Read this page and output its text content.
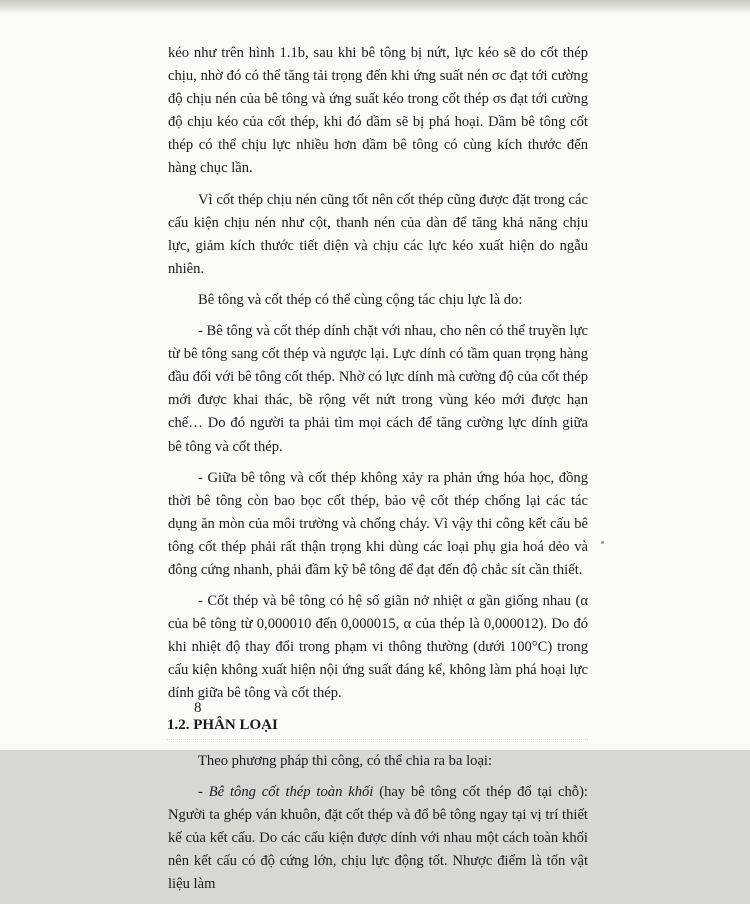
kéo như trên hình 1.1b, sau khi bê tông bị nứt, lực kéo sẽ do cốt thép chịu, nhờ đó có thể tăng tải trọng đến khi ứng suất nén σc đạt tới cường độ chịu nén của bê tông và ứng suất kéo trong cốt thép σs đạt tới cường độ chịu kéo của cốt thép, khi đó dầm sẽ bị phá hoại. Dầm bê tông cốt thép có thể chịu lực nhiều hơn dầm bê tông có cùng kích thước đến hàng chục lần.

Vì cốt thép chịu nén cũng tốt nên cốt thép cũng được đặt trong các cấu kiện chịu nén như cột, thanh nén của dàn để tăng khả năng chịu lực, giảm kích thước tiết diện và chịu các lực kéo xuất hiện do ngẫu nhiên.

Bê tông và cốt thép có thể cùng cộng tác chịu lực là do:

- Bê tông và cốt thép dính chặt với nhau, cho nên có thể truyền lực từ bê tông sang cốt thép và ngược lại. Lực dính có tầm quan trọng hàng đầu đối với bê tông cốt thép. Nhờ có lực dính mà cường độ của cốt thép mới được khai thác, bề rộng vết nứt trong vùng kéo mới được hạn chế… Do đó người ta phải tìm mọi cách để tăng cường lực dính giữa bê tông và cốt thép.

- Giữa bê tông và cốt thép không xảy ra phản ứng hóa học, đồng thời bê tông còn bao bọc cốt thép, bảo vệ cốt thép chống lại các tác dụng ăn mòn của môi trường và chống cháy. Vì vậy thi công kết cấu bê tông cốt thép phải rất thận trọng khi dùng các loại phụ gia hoá dẻo và đông cứng nhanh, phải đầm kỹ bê tông để đạt đến độ chắc sít cần thiết.

- Cốt thép và bê tông có hệ số giãn nở nhiệt α gần giống nhau (α của bê tông từ 0,000010 đến 0,000015, α của thép là 0,000012). Do đó khi nhiệt độ thay đổi trong phạm vi thông thường (dưới 100°C) trong cấu kiện không xuất hiện nội ứng suất đáng kể, không làm phá hoại lực dính giữa bê tông và cốt thép.

1.2. PHÂN LOẠI

Theo phương pháp thi công, có thể chia ra ba loại:

- Bê tông cốt thép toàn khối (hay bê tông cốt thép đổ tại chỗ): Người ta ghép ván khuôn, đặt cốt thép và đổ bê tông ngay tại vị trí thiết kế của kết cấu. Do các cấu kiện được dính với nhau một cách toàn khối nên kết cấu có độ cứng lớn, chịu lực động tốt. Nhược điểm là tốn vật liệu làm

8
